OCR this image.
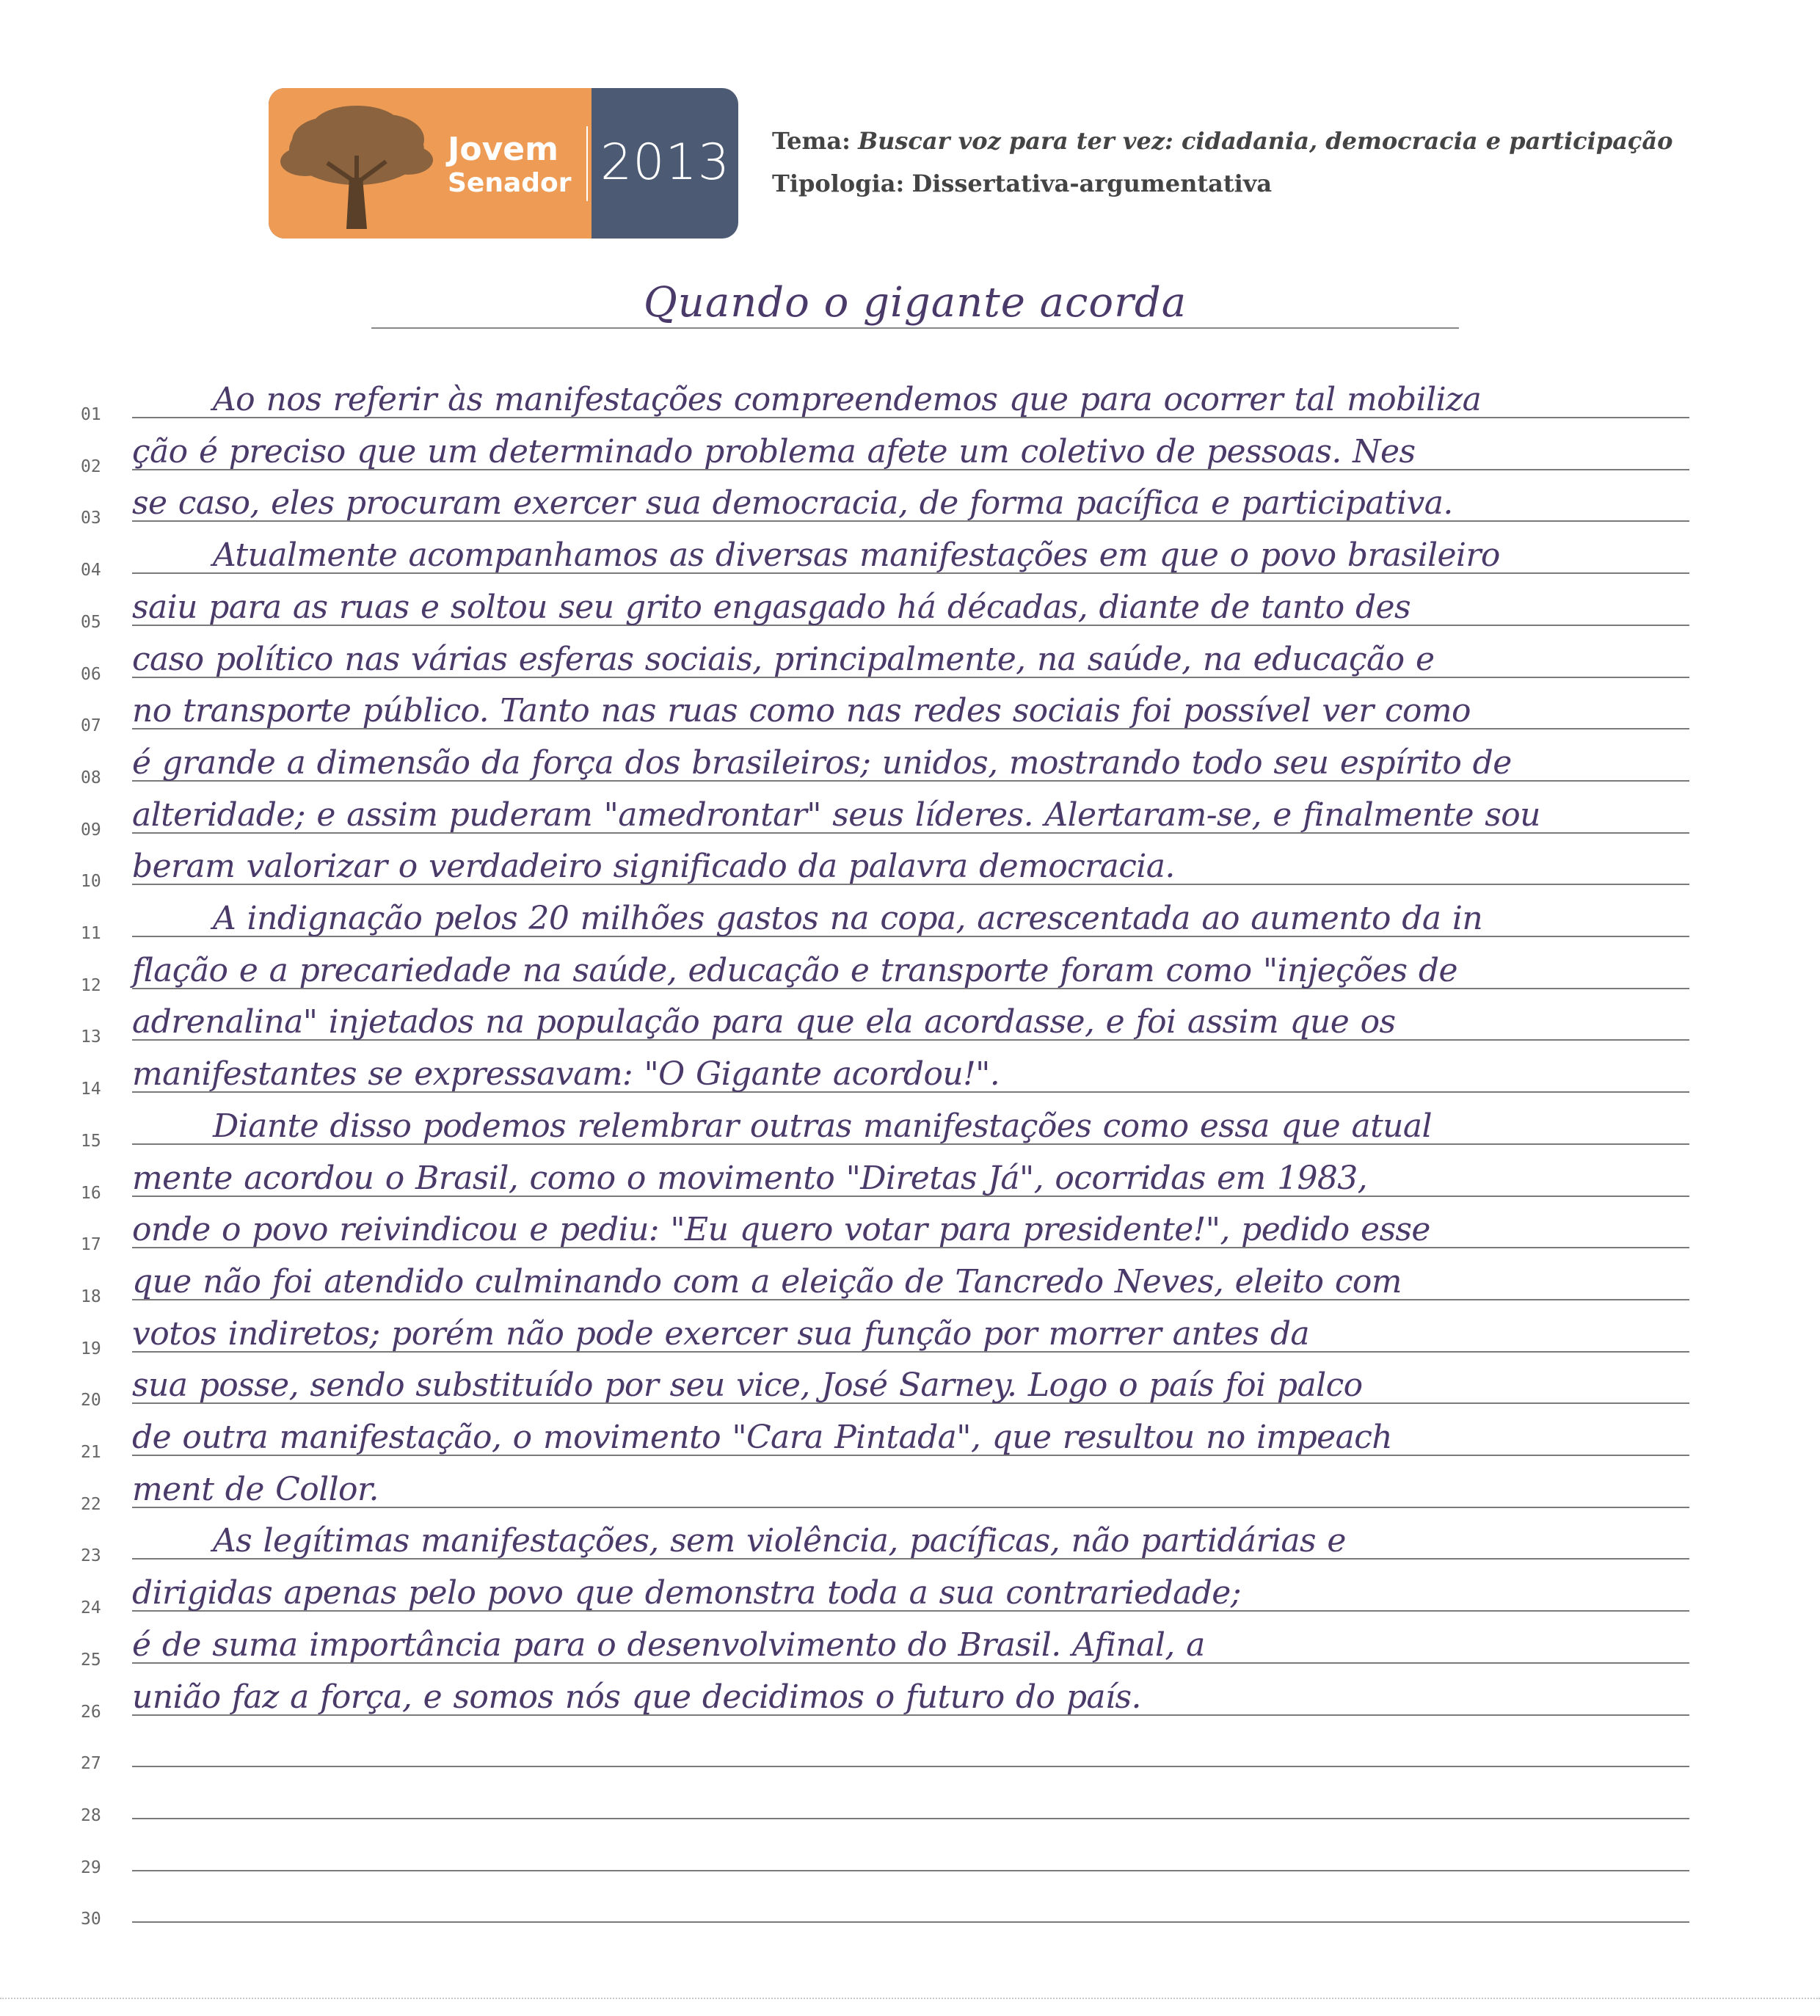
Jovem
Senador 2013 Tema: Buscar voz para ter vez: cidadania, democracia e participação
Tipologia: Dissertativa-argumentativa
Quando o gigante acorda
01	Ao nos referir às manifestações compreendemos que para ocorrer tal mobiliza
02 ção é preciso que um determinado problema afete um coletivo de pessoas. Nes
03 se caso, eles procuram exercer sua democracia, de forma pacífica e participativa.
04	Atualmente acompanhamos as diversas manifestações em que o povo brasileiro
05 saiu para as ruas e soltou seu grito engasgado há décadas, diante de tanto des
06 caso político nas várias esferas sociais, principalmente, na saúde, na educação e
07 no transporte público. Tanto nas ruas como nas redes sociais foi possível ver como
08 é grande a dimensão da força dos brasileiros; unidos, mostrando todo seu espírito de
09 alteridade; e assim puderam "amedrontar" seus líderes. Alertaram-se, e finalmente sou
10 beram valorizar o verdadeiro significado da palavra democracia.
11	A indignação pelos 20 milhões gastos na copa, acrescentada ao aumento da in
12 flação e a precariedade na saúde, educação e transporte foram como "injeções de
13 adrenalina" injetados na população para que ela acordasse, e foi assim que os
14 manifestantes se expressavam: "O Gigante acordou!".
15	Diante disso podemos relembrar outras manifestações como essa que atual
16 mente acordou o Brasil, como o movimento "Diretas Já", ocorridas em 1983,
17 onde o povo reivindicou e pediu: "Eu quero votar para presidente!", pedido esse
18 que não foi atendido culminando com a eleição de Tancredo Neves, eleito com
19 votos indiretos; porém não pode exercer sua função por morrer antes da
20 sua posse, sendo substituído por seu vice, José Sarney. Logo o país foi palco
21 de outra manifestação, o movimento "Cara Pintada", que resultou no impeach
22 ment de Collor.
23	As legítimas manifestações, sem violência, pacíficas, não partidárias e
24 dirigidas apenas pelo povo que demonstra toda a sua contrariedade;
25 é de suma importância para o desenvolvimento do Brasil. Afinal, a
26 união faz a força, e somos nós que decidimos o futuro do país.
27
28
29
30
